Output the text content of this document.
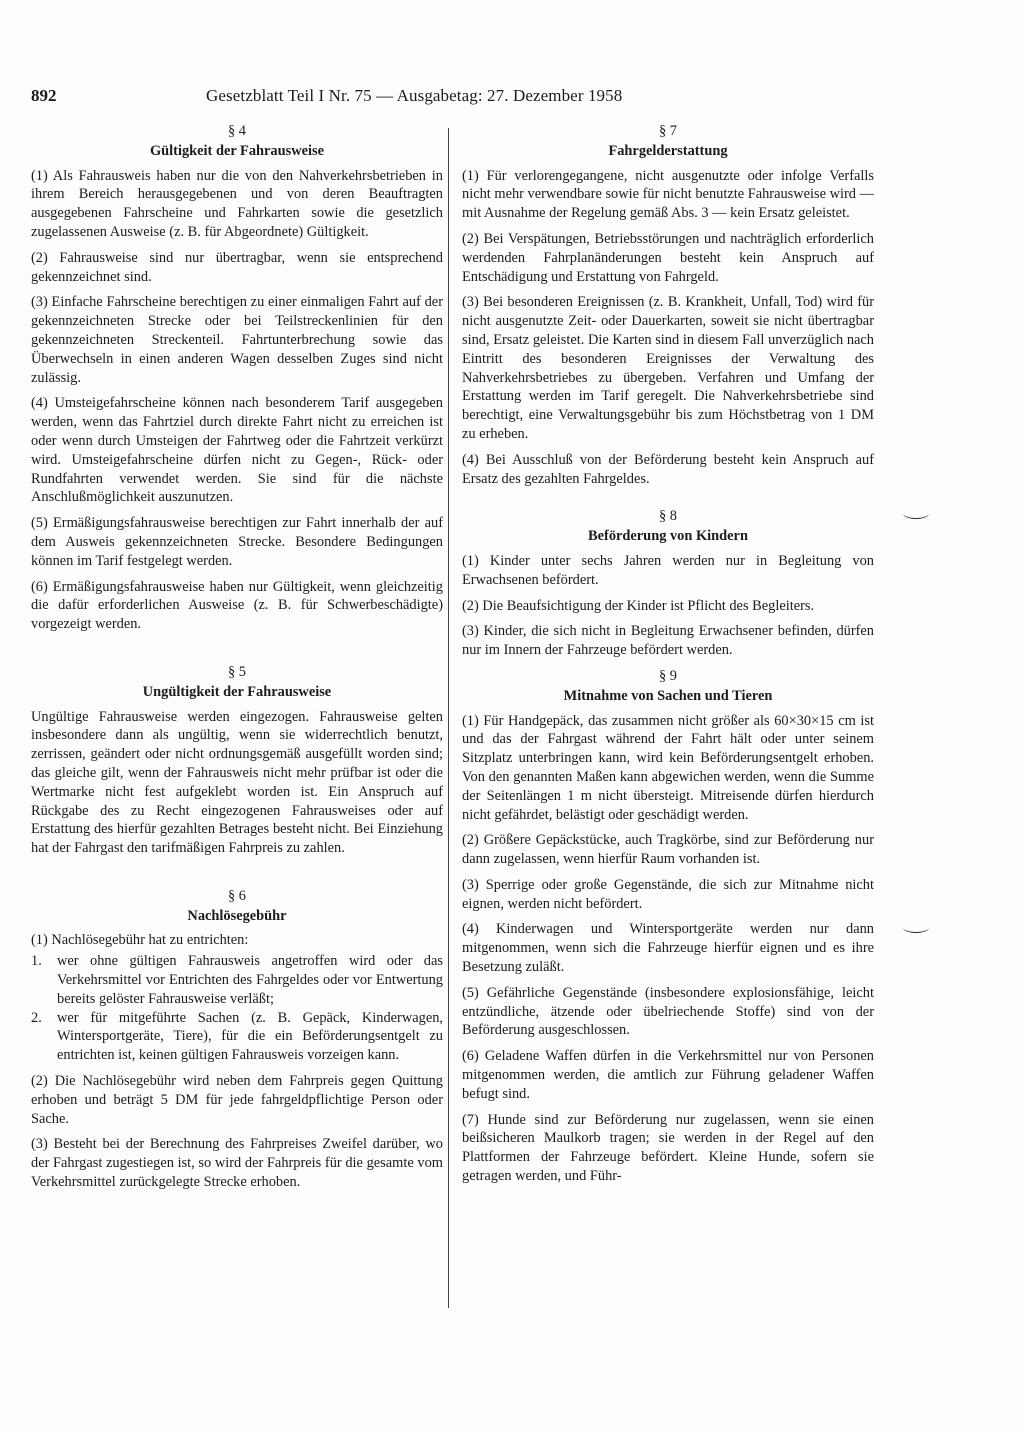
892	Gesetzblatt Teil I Nr. 75 — Ausgabetag: 27. Dezember 1958
§ 4
Gültigkeit der Fahrausweise

(1) Als Fahrausweis haben nur die von den Nahverkehrsbetrieben in ihrem Bereich herausgegebenen und von deren Beauftragten ausgegebenen Fahrscheine und Fahrkarten sowie die gesetzlich zugelassenen Ausweise (z. B. für Abgeordnete) Gültigkeit.

(2) Fahrausweise sind nur übertragbar, wenn sie entsprechend gekennzeichnet sind.

(3) Einfache Fahrscheine berechtigen zu einer einmaligen Fahrt auf der gekennzeichneten Strecke oder bei Teilstreckenlinien für den gekennzeichneten Streckenteil. Fahrtunterbrechung sowie das Überwechseln in einen anderen Wagen desselben Zuges sind nicht zulässig.

(4) Umsteigefahrscheine können nach besonderem Tarif ausgegeben werden, wenn das Fahrtziel durch direkte Fahrt nicht zu erreichen ist oder wenn durch Umsteigen der Fahrtweg oder die Fahrtzeit verkürzt wird. Umsteigefahrscheine dürfen nicht zu Gegen-, Rück- oder Rundfahrten verwendet werden. Sie sind für die nächste Anschlußmöglichkeit auszunutzen.

(5) Ermäßigungsfahrausweise berechtigen zur Fahrt innerhalb der auf dem Ausweis gekennzeichneten Strecke. Besondere Bedingungen können im Tarif festgelegt werden.

(6) Ermäßigungsfahrausweise haben nur Gültigkeit, wenn gleichzeitig die dafür erforderlichen Ausweise (z. B. für Schwerbeschädigte) vorgezeigt werden.

§ 5
Ungültigkeit der Fahrausweise

Ungültige Fahrausweise werden eingezogen. Fahrausweise gelten insbesondere dann als ungültig, wenn sie widerrechtlich benutzt, zerrissen, geändert oder nicht ordnungsgemäß ausgefüllt worden sind; das gleiche gilt, wenn der Fahrausweis nicht mehr prüfbar ist oder die Wertmarke nicht fest aufgeklebt worden ist. Ein Anspruch auf Rückgabe des zu Recht eingezogenen Fahrausweises oder auf Erstattung des hierfür gezahlten Betrages besteht nicht. Bei Einziehung hat der Fahrgast den tarifmäßigen Fahrpreis zu zahlen.

§ 6
Nachlösegebühr

(1) Nachlösegebühr hat zu entrichten:

1.	wer ohne gültigen Fahrausweis angetroffen wird oder das Verkehrsmittel vor Entrichten des Fahrgeldes oder vor Entwertung bereits gelöster Fahrausweise verläßt;
2.	wer für mitgeführte Sachen (z. B. Gepäck, Kinderwagen, Wintersportgeräte, Tiere), für die ein Beförderungsentgelt zu entrichten ist, keinen gültigen Fahrausweis vorzeigen kann.

(2) Die Nachlösegebühr wird neben dem Fahrpreis gegen Quittung erhoben und beträgt 5 DM für jede fahrgeldpflichtige Person oder Sache.

(3) Besteht bei der Berechnung des Fahrpreises Zweifel darüber, wo der Fahrgast zugestiegen ist, so wird der Fahrpreis für die gesamte vom Verkehrsmittel zurückgelegte Strecke erhoben.

§ 7
Fahrgelderstattung

(1) Für verlorengegangene, nicht ausgenutzte oder infolge Verfalls nicht mehr verwendbare sowie für nicht benutzte Fahrausweise wird — mit Ausnahme der Regelung gemäß Abs. 3 — kein Ersatz geleistet.

(2) Bei Verspätungen, Betriebsstörungen und nachträglich erforderlich werdenden Fahrplanänderungen besteht kein Anspruch auf Entschädigung und Erstattung von Fahrgeld.

(3) Bei besonderen Ereignissen (z. B. Krankheit, Unfall, Tod) wird für nicht ausgenutzte Zeit- oder Dauerkarten, soweit sie nicht übertragbar sind, Ersatz geleistet. Die Karten sind in diesem Fall unverzüglich nach Eintritt des besonderen Ereignisses der Verwaltung des Nahverkehrsbetriebes zu übergeben. Verfahren und Umfang der Erstattung werden im Tarif geregelt. Die Nahverkehrsbetriebe sind berechtigt, eine Verwaltungsgebühr bis zum Höchstbetrag von 1 DM zu erheben.

(4) Bei Ausschluß von der Beförderung besteht kein Anspruch auf Ersatz des gezahlten Fahrgeldes.

§ 8
Beförderung von Kindern

(1) Kinder unter sechs Jahren werden nur in Begleitung von Erwachsenen befördert.

(2) Die Beaufsichtigung der Kinder ist Pflicht des Begleiters.

(3) Kinder, die sich nicht in Begleitung Erwachsener befinden, dürfen nur im Innern der Fahrzeuge befördert werden.

§ 9
Mitnahme von Sachen und Tieren

(1) Für Handgepäck, das zusammen nicht größer als 60×30×15 cm ist und das der Fahrgast während der Fahrt hält oder unter seinem Sitzplatz unterbringen kann, wird kein Beförderungsentgelt erhoben. Von den genannten Maßen kann abgewichen werden, wenn die Summe der Seitenlängen 1 m nicht übersteigt. Mitreisende dürfen hierdurch nicht gefährdet, belästigt oder geschädigt werden.

(2) Größere Gepäckstücke, auch Tragkörbe, sind zur Beförderung nur dann zugelassen, wenn hierfür Raum vorhanden ist.

(3) Sperrige oder große Gegenstände, die sich zur Mitnahme nicht eignen, werden nicht befördert.

(4) Kinderwagen und Wintersportgeräte werden nur dann mitgenommen, wenn sich die Fahrzeuge hierfür eignen und es ihre Besetzung zuläßt.

(5) Gefährliche Gegenstände (insbesondere explosionsfähige, leicht entzündliche, ätzende oder übelriechende Stoffe) sind von der Beförderung ausgeschlossen.

(6) Geladene Waffen dürfen in die Verkehrsmittel nur von Personen mitgenommen werden, die amtlich zur Führung geladener Waffen befugt sind.

(7) Hunde sind zur Beförderung nur zugelassen, wenn sie einen beißsicheren Maulkorb tragen; sie werden in der Regel auf den Plattformen der Fahrzeuge befördert. Kleine Hunde, sofern sie getragen werden, und Führ-
